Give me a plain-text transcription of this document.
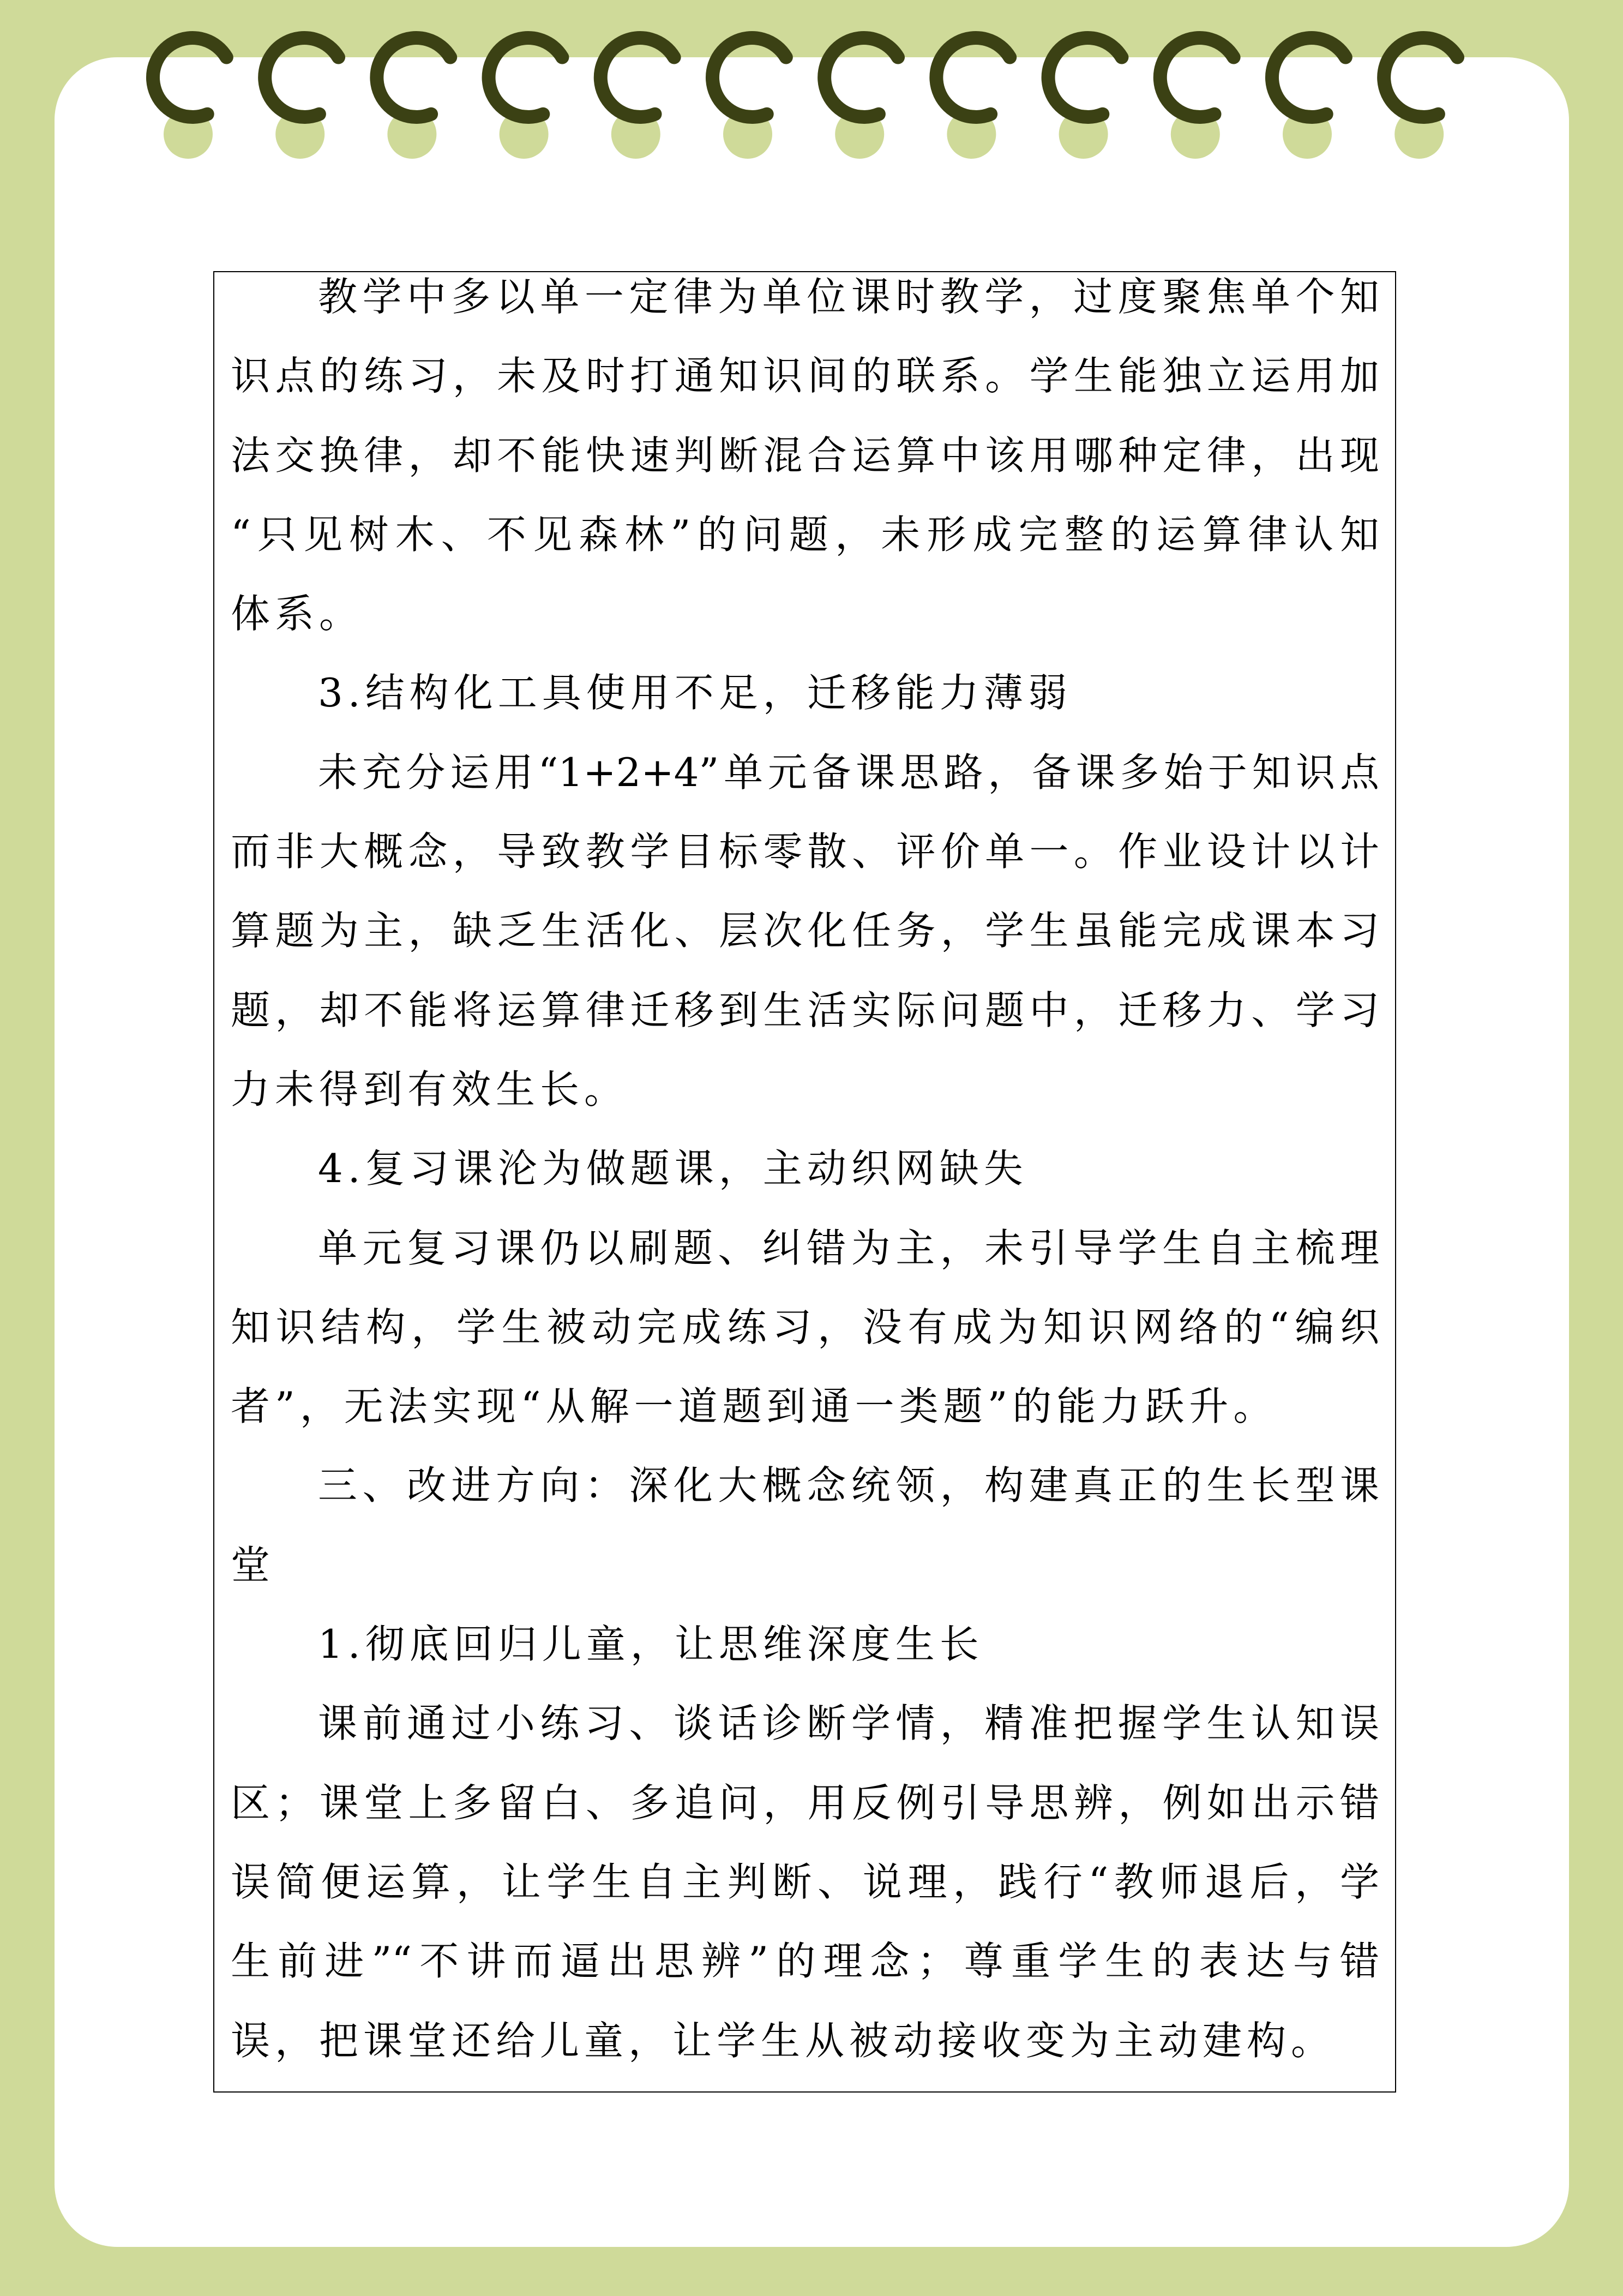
教学中多以单一定律为单位课时教学，过度聚焦单个知
识点的练习，未及时打通知识间的联系。学生能独立运用加
法交换律，却不能快速判断混合运算中该用哪种定律，出现
“只见树木、不见森林”的问题，未形成完整的运算律认知
体系。
3.结构化工具使用不足，迁移能力薄弱
未充分运用“1+2+4”单元备课思路，备课多始于知识点
而非大概念，导致教学目标零散、评价单一。作业设计以计
算题为主，缺乏生活化、层次化任务，学生虽能完成课本习
题，却不能将运算律迁移到生活实际问题中，迁移力、学习
力未得到有效生长。
4.复习课沦为做题课，主动织网缺失
单元复习课仍以刷题、纠错为主，未引导学生自主梳理
知识结构，学生被动完成练习，没有成为知识网络的“编织
者”，无法实现“从解一道题到通一类题”的能力跃升。
三、改进方向：深化大概念统领，构建真正的生长型课
堂
1.彻底回归儿童，让思维深度生长
课前通过小练习、谈话诊断学情，精准把握学生认知误
区；课堂上多留白、多追问，用反例引导思辨，例如出示错
误简便运算，让学生自主判断、说理，践行“教师退后，学
生前进”“不讲而逼出思辨”的理念；尊重学生的表达与错
误，把课堂还给儿童，让学生从被动接收变为主动建构。
